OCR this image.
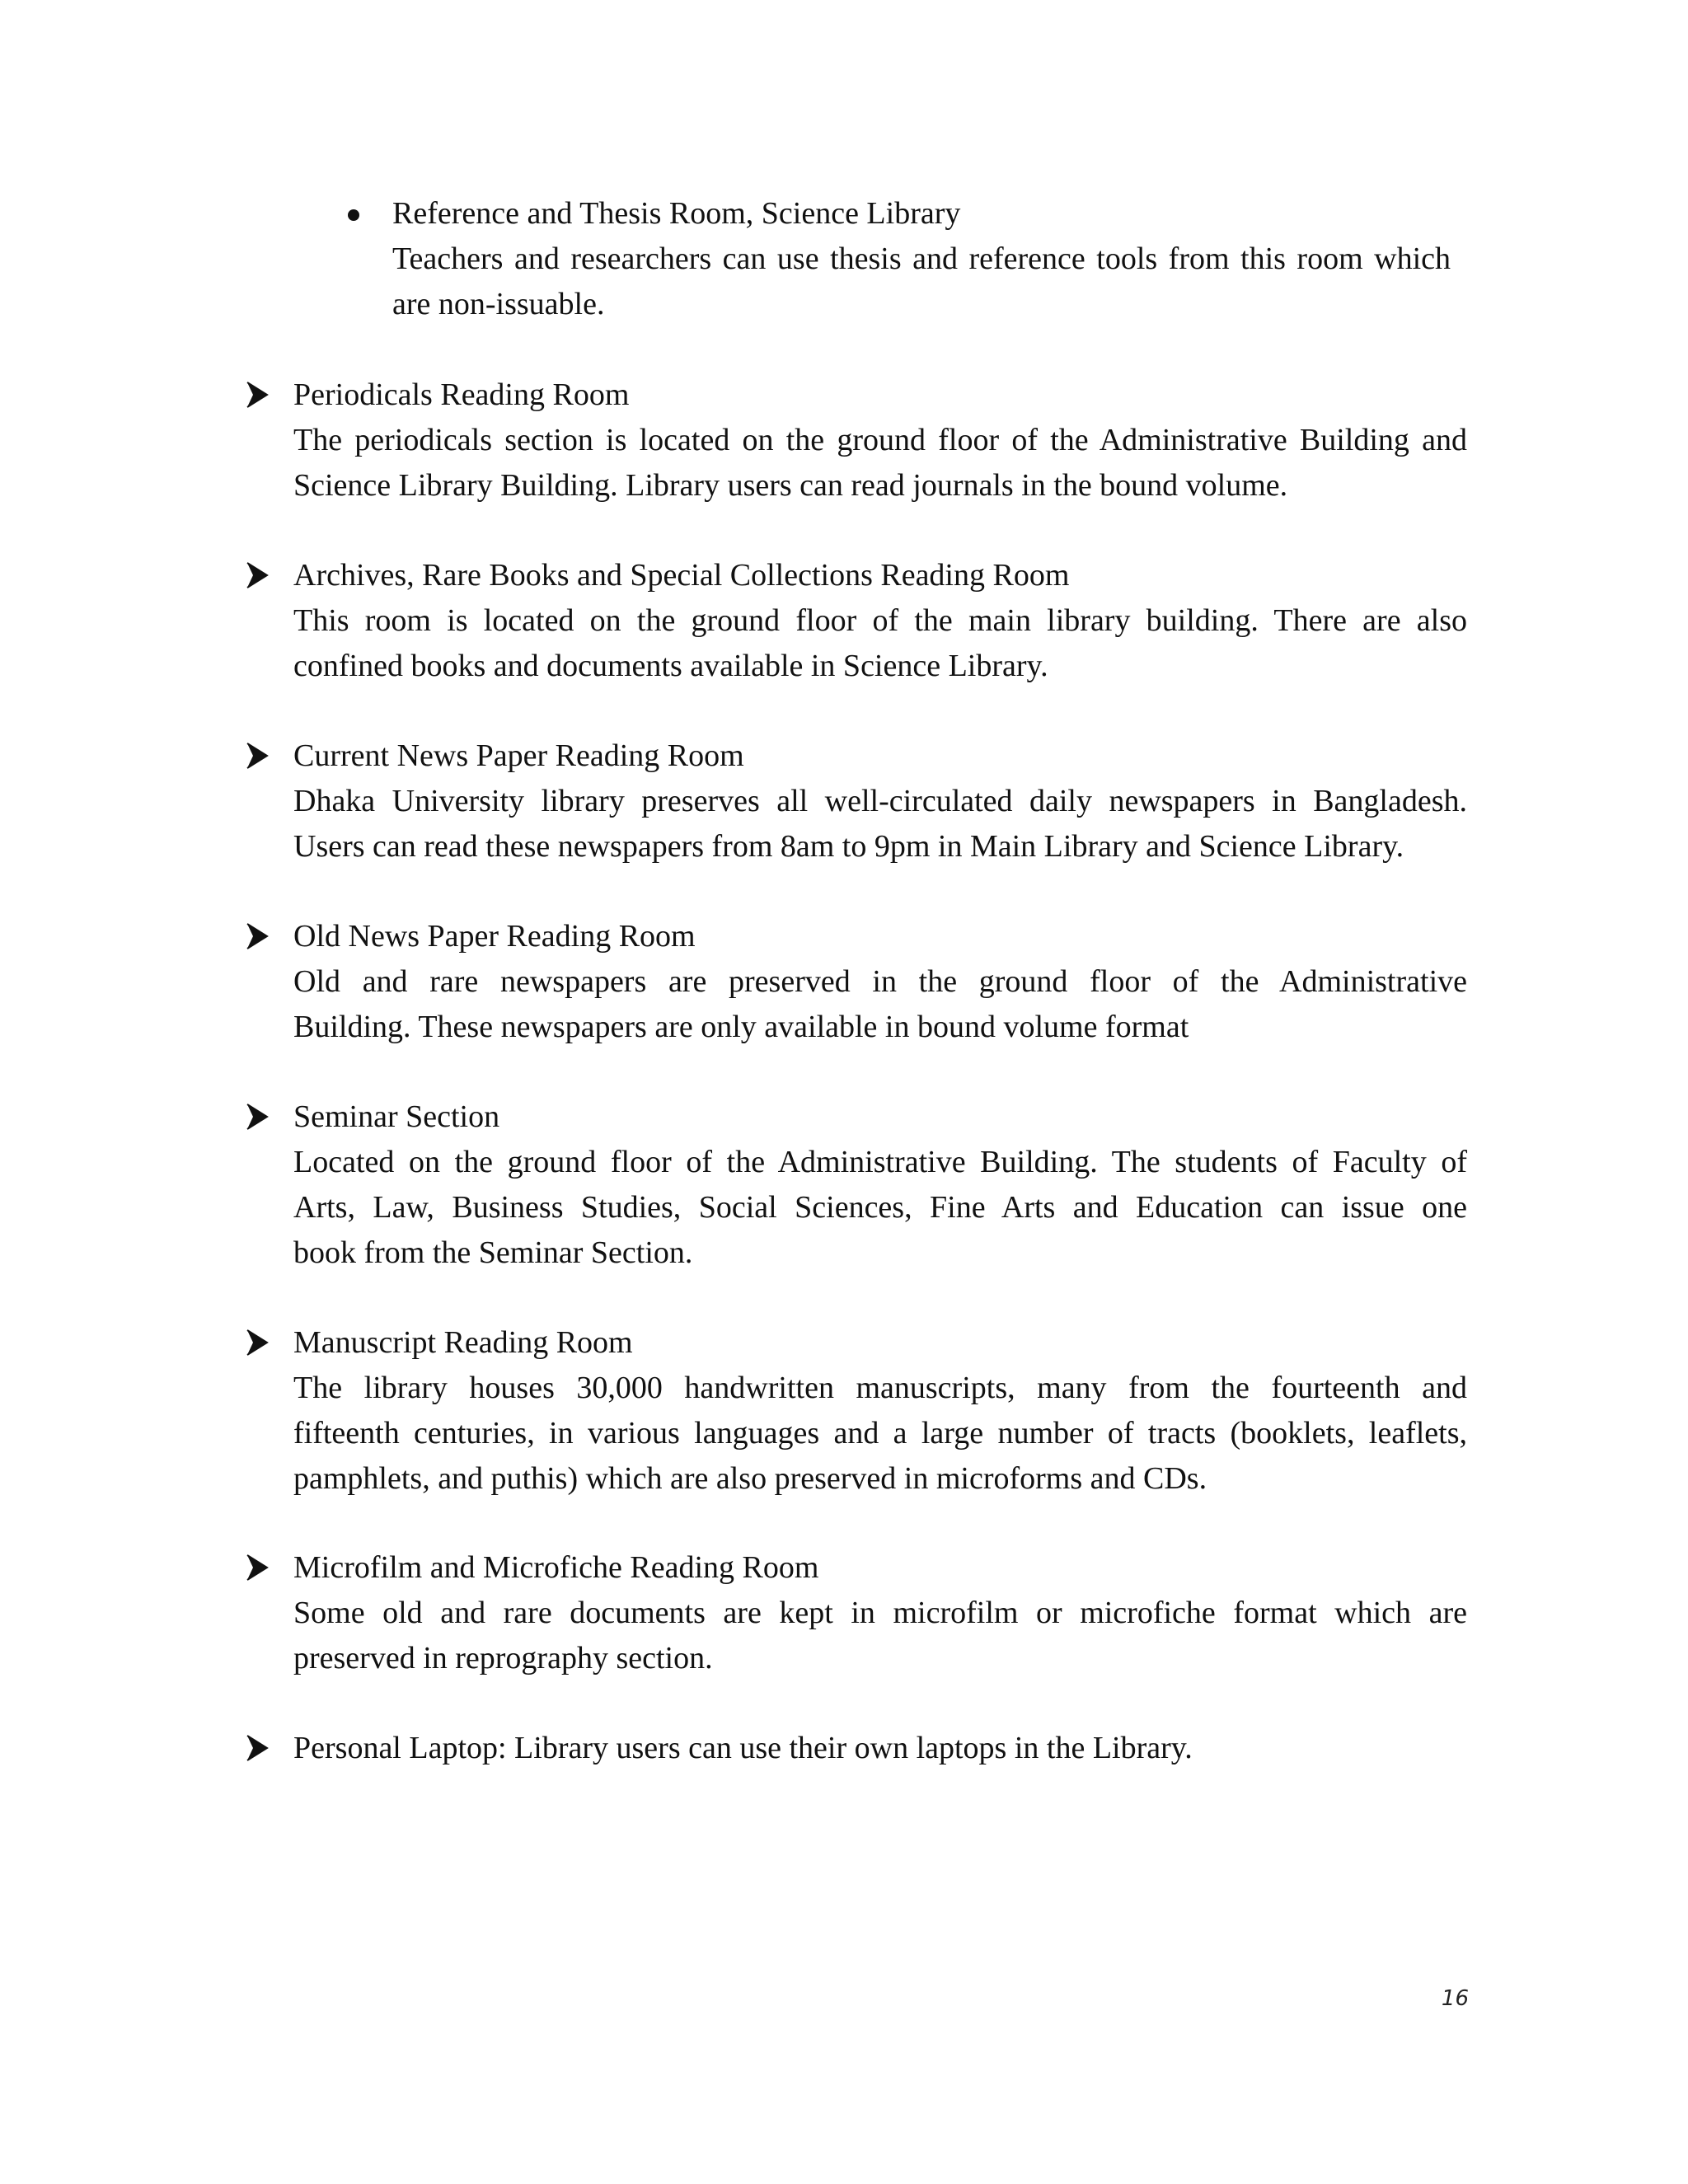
Reference and Thesis Room, Science Library
Teachers and researchers can use thesis and reference tools from this room which
are non-issuable.
Periodicals Reading Room
The periodicals section is located on the ground floor of the Administrative Building and
Science Library Building. Library users can read journals in the bound volume.
Archives, Rare Books and Special Collections Reading Room
This room is located on the ground floor of the main library building. There are also
confined books and documents available in Science Library.
Current News Paper Reading Room
Dhaka University library preserves all well-circulated daily newspapers in Bangladesh.
Users can read these newspapers from 8am to 9pm in Main Library and Science Library.
Old News Paper Reading Room
Old and rare newspapers are preserved in the ground floor of the Administrative
Building. These newspapers are only available in bound volume format
Seminar Section
Located on the ground floor of the Administrative Building. The students of Faculty of
Arts, Law, Business Studies, Social Sciences, Fine Arts and Education can issue one
book from the Seminar Section.
Manuscript Reading Room
The library houses 30,000 handwritten manuscripts, many from the fourteenth and
fifteenth centuries, in various languages and a large number of tracts (booklets, leaflets,
pamphlets, and puthis) which are also preserved in microforms and CDs.
Microfilm and Microfiche Reading Room
Some old and rare documents are kept in microfilm or microfiche format which are
preserved in reprography section.
Personal Laptop: Library users can use their own laptops in the Library.
16
